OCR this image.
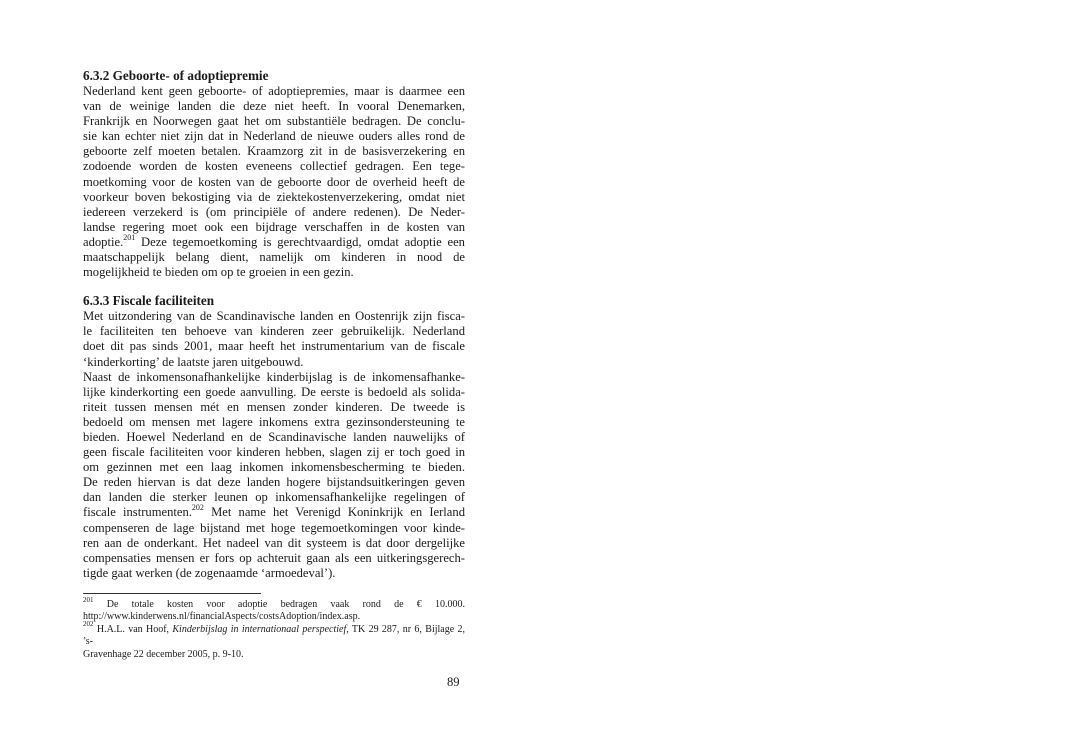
6.3.2 Geboorte- of adoptiepremie

Nederland kent geen geboorte- of adoptiepremies, maar is daarmee een
van de weinige landen die deze niet heeft. In vooral Denemarken,
Frankrijk en Noorwegen gaat het om substantiële bedragen. De conclu-
sie kan echter niet zijn dat in Nederland de nieuwe ouders alles rond de
geboorte zelf moeten betalen. Kraamzorg zit in de basisverzekering en
zodoende worden de kosten eveneens collectief gedragen. Een tege-
moetkoming voor de kosten van de geboorte door de overheid heeft de
voorkeur boven bekostiging via de ziektekostenverzekering, omdat niet
iedereen verzekerd is (om principiële of andere redenen). De Neder-
landse regering moet ook een bijdrage verschaffen in de kosten van
adoptie.$^{201}$ Deze tegemoetkoming is gerechtvaardigd, omdat adoptie een
maatschappelijk belang dient, namelijk om kinderen in nood de
mogelijkheid te bieden om op te groeien in een gezin.

6.3.3 Fiscale faciliteiten

Met uitzondering van de Scandinavische landen en Oostenrijk zijn fisca-
le faciliteiten ten behoeve van kinderen zeer gebruikelijk. Nederland
doet dit pas sinds 2001, maar heeft het instrumentarium van de fiscale
‘kinderkorting’ de laatste jaren uitgebouwd.
Naast de inkomensonafhankelijke kinderbijslag is de inkomensafhanke-
lijke kinderkorting een goede aanvulling. De eerste is bedoeld als solida-
riteit tussen mensen mét en mensen zonder kinderen. De tweede is
bedoeld om mensen met lagere inkomens extra gezinsondersteuning te
bieden. Hoewel Nederland en de Scandinavische landen nauwelijks of
geen fiscale faciliteiten voor kinderen hebben, slagen zij er toch goed in
om gezinnen met een laag inkomen inkomensbescherming te bieden.
De reden hiervan is dat deze landen hogere bijstandsuitkeringen geven
dan landen die sterker leunen op inkomensafhankelijke regelingen of
fiscale instrumenten.$^{202}$ Met name het Verenigd Koninkrijk en Ierland
compenseren de lage bijstand met hoge tegemoetkomingen voor kinde-
ren aan de onderkant. Het nadeel van dit systeem is dat door dergelijke
compensaties mensen er fors op achteruit gaan als een uitkeringsgerech-
tigde gaat werken (de zogenaamde ‘armoedeval’).
$^{201}$ De totale kosten voor adoptie bedragen vaak rond de € 10.000.
http://www.kinderwens.nl/financialAspects/costsAdoption/index.asp.
$^{202}$ H.A.L. van Hoof, Kinderbijslag in internationaal perspectief, TK 29 287, nr 6, Bijlage 2, ’s-
Gravenhage 22 december 2005, p. 9-10.
89
